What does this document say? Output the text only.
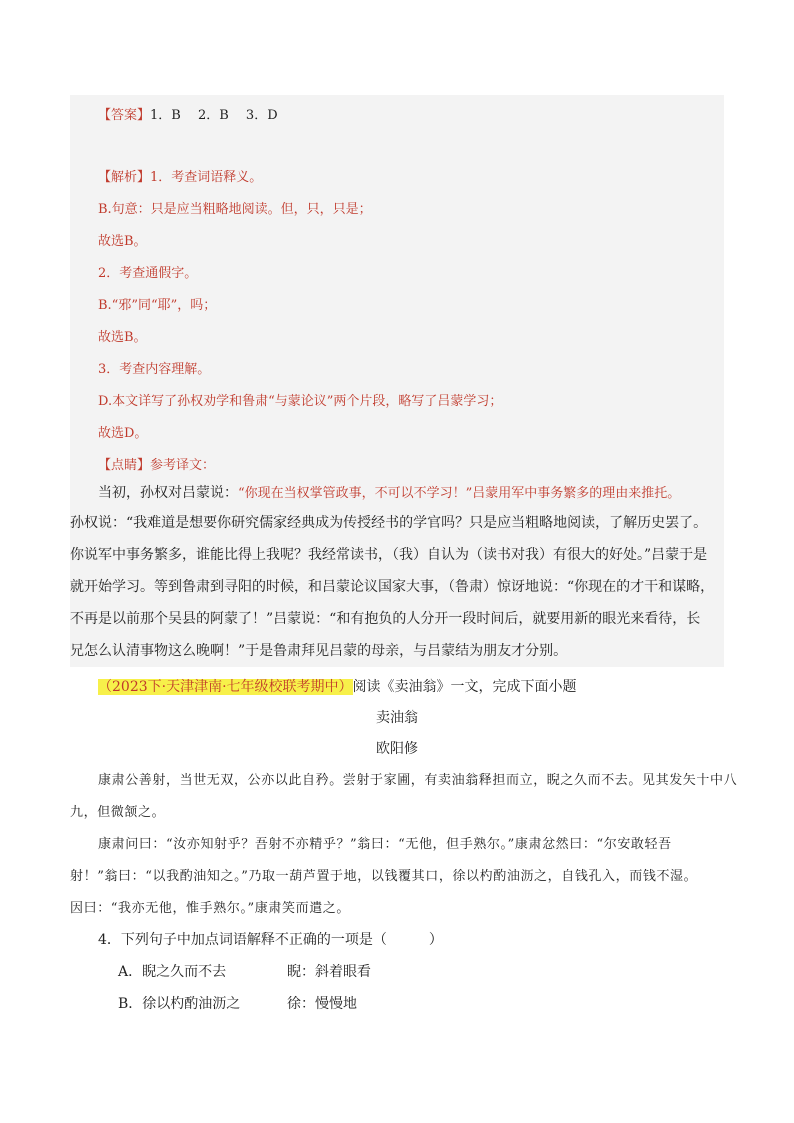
【答案】1．B　 2．B　 3．D
【解析】1．考查词语释义。
B.句意：只是应当粗略地阅读。但，只，只是；
故选B。
2．考查通假字。
B.“邪”同“耶”，吗；
故选B。
3．考查内容理解。
D.本文详写了孙权劝学和鲁肃“与蒙论议”两个片段，略写了吕蒙学习；
故选D。
【点睛】参考译文：
当初，孙权对吕蒙说：“你现在当权掌管政事，不可以不学习！”吕蒙用军中事务繁多的理由来推托。
孙权说：“我难道是想要你研究儒家经典成为传授经书的学官吗？只是应当粗略地阅读，了解历史罢了。
你说军中事务繁多，谁能比得上我呢？我经常读书，（我）自认为（读书对我）有很大的好处。”吕蒙于是
就开始学习。等到鲁肃到寻阳的时候，和吕蒙论议国家大事，（鲁肃）惊讶地说：“你现在的才干和谋略，
不再是以前那个吴县的阿蒙了！”吕蒙说：“和有抱负的人分开一段时间后，就要用新的眼光来看待，长
兄怎么认清事物这么晚啊！”于是鲁肃拜见吕蒙的母亲，与吕蒙结为朋友才分别。
（2023下·天津津南·七年级校联考期中）阅读《卖油翁》一文，完成下面小题
卖油翁
欧阳修
康肃公善射，当世无双，公亦以此自矜。尝射于家圃，有卖油翁释担而立，睨之久而不去。见其发矢十中八
九，但微颔之。
康肃问曰：“汝亦知射乎？吾射不亦精乎？”翁曰：“无他，但手熟尔。”康肃忿然曰：“尔安敢轻吾
射！”翁曰：“以我酌油知之。”乃取一葫芦置于地，以钱覆其口，徐以杓酌油沥之，自钱孔入，而钱不湿。
因曰：“我亦无他，惟手熟尔。”康肃笑而遣之。
4．下列句子中加点词语解释不正确的一项是（　　　）
A．睨之久而不去	睨：斜着眼看
B．徐以杓酌油沥之	徐：慢慢地
